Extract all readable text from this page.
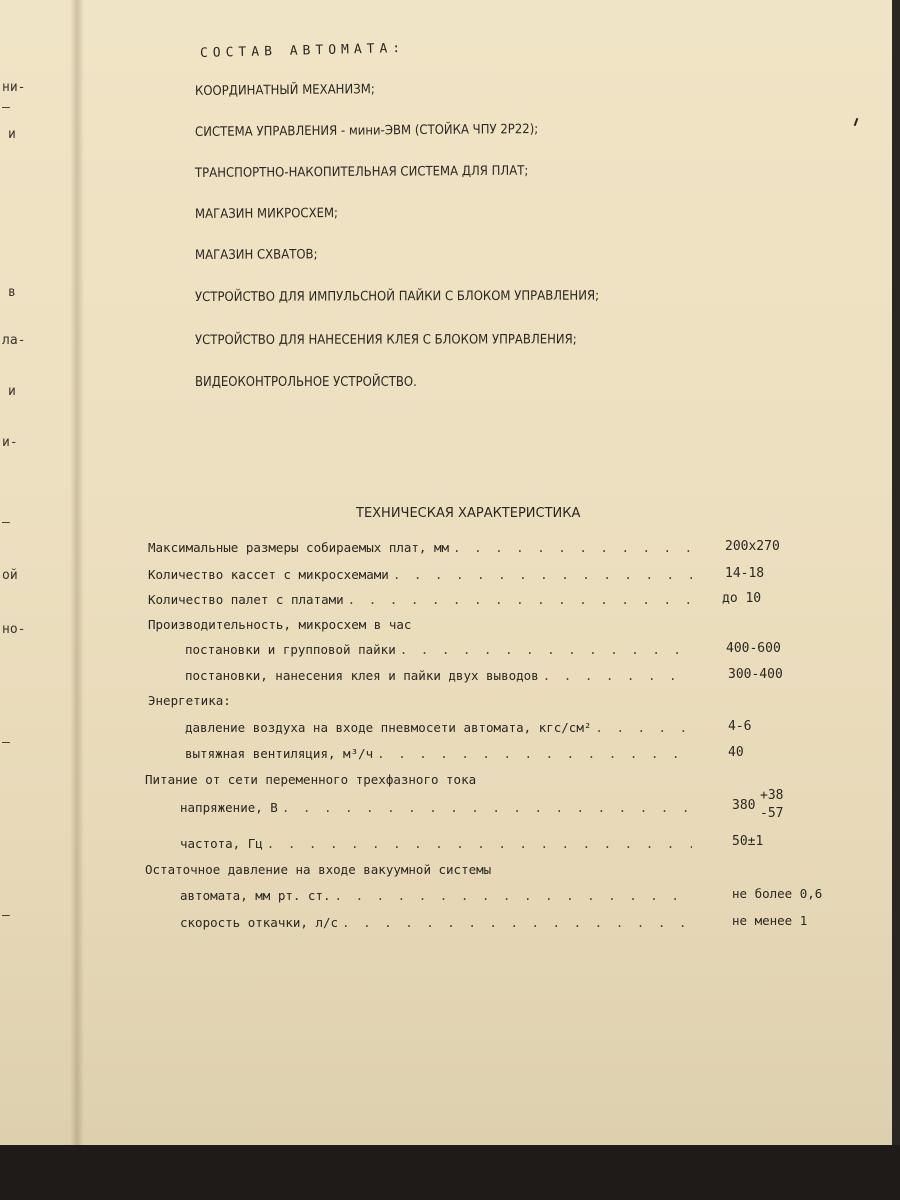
ни-
–
и
в
ла-
и
и-
–
ой
но-
–
–
СОСТАВ АВТОМАТА:
КООРДИНАТНЫЙ МЕХАНИЗМ;
СИСТЕМА УПРАВЛЕНИЯ - мини-ЭВМ (СТОЙКА ЧПУ 2Р22);
ТРАНСПОРТНО-НАКОПИТЕЛЬНАЯ СИСТЕМА ДЛЯ ПЛАТ;
МАГАЗИН МИКРОСХЕМ;
МАГАЗИН СХВАТОВ;
УСТРОЙСТВО ДЛЯ ИМПУЛЬСНОЙ ПАЙКИ С БЛОКОМ УПРАВЛЕНИЯ;
УСТРОЙСТВО ДЛЯ НАНЕСЕНИЯ КЛЕЯ С БЛОКОМ УПРАВЛЕНИЯ;
ВИДЕОКОНТРОЛЬНОЕ УСТРОЙСТВО.
ТЕХНИЧЕСКАЯ ХАРАКТЕРИСТИКА
Максимальные размеры собираемых плат, мм . . .	200х270
Количество кассет с микросхемами . . .	14-18
Количество палет с платами . . .	до 10
Производительность, микросхем в час
постановки и групповой пайки . . .	400-600
постановки, нанесения клея и пайки двух выводов . . .	300-400
Энергетика:
давление воздуха на входе пневмосети автомата, кгс/см² . . .	4-6
вытяжная вентиляция, м³/ч . . .	40
Питание от сети переменного трехфазного тока
напряжение, В . . .	380
+38
-57
частота, Гц . . .	50±1
Остаточное давление на входе вакуумной системы
автомата, мм рт. ст. . . .	не более 0,6
скорость откачки, л/с . . .	не менее 1
